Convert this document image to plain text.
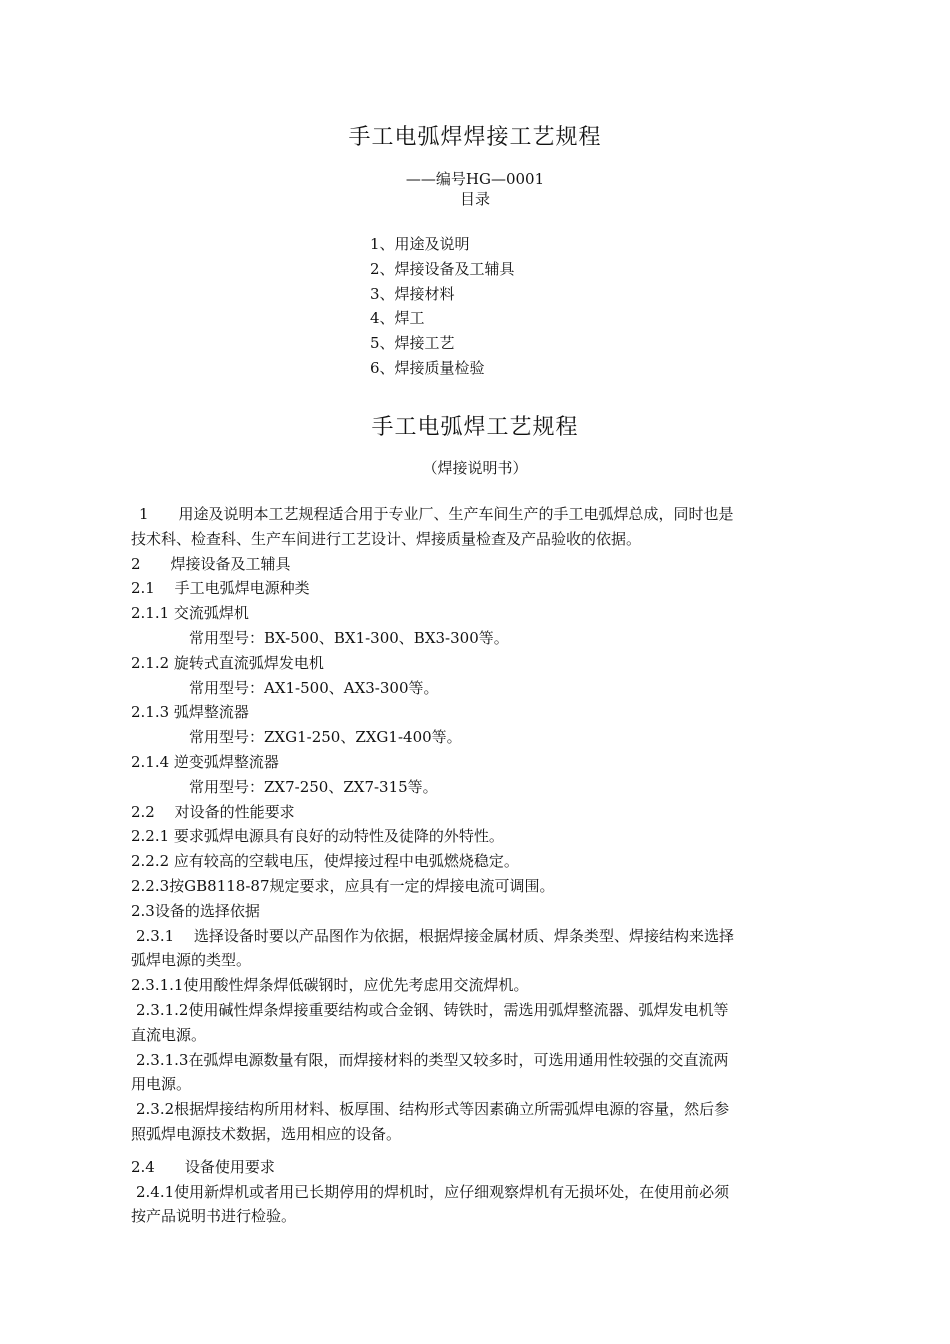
手工电弧焊焊接工艺规程
——编号HG—0001
目录
1、用途及说明
2、焊接设备及工辅具
3、焊接材料
4、焊工
5、焊接工艺
6、焊接质量检验
手工电弧焊工艺规程
（焊接说明书）

1　　用途及说明本工艺规程适合用于专业厂、生产车间生产的手工电弧焊总成，同时也是

技术科、检查科、生产车间进行工艺设计、焊接质量检查及产品验收的依据。

2　　焊接设备及工辅具

2.1　 手工电弧焊电源种类

2.1.1 交流弧焊机

常用型号：BX-500、BX1-300、BX3-300等。

2.1.2 旋转式直流弧焊发电机

常用型号：AX1-500、AX3-300等。

2.1.3 弧焊整流器

常用型号：ZXG1-250、ZXG1-400等。

2.1.4 逆变弧焊整流器

常用型号：ZX7-250、ZX7-315等。

2.2　 对设备的性能要求

2.2.1 要求弧焊电源具有良好的动特性及徒降的外特性。

2.2.2 应有较高的空载电压，使焊接过程中电弧燃烧稳定。

2.2.3按GB8118-87规定要求，应具有一定的焊接电流可调围。

2.3设备的选择依据

2.3.1　 选择设备时要以产品图作为依据，根据焊接金属材质、焊条类型、焊接结构来选择

弧焊电源的类型。

2.3.1.1使用酸性焊条焊低碳钢时，应优先考虑用交流焊机。

2.3.1.2使用碱性焊条焊接重要结构或合金钢、铸铁时，需选用弧焊整流器、弧焊发电机等

直流电源。

2.3.1.3在弧焊电源数量有限，而焊接材料的类型又较多时，可选用通用性较强的交直流两

用电源。

2.3.2根据焊接结构所用材料、板厚围、结构形式等因素确立所需弧焊电源的容量，然后参

照弧焊电源技术数据，选用相应的设备。

2.4　　设备使用要求

2.4.1使用新焊机或者用已长期停用的焊机时，应仔细观察焊机有无损坏处，在使用前必须

按产品说明书进行检验。
